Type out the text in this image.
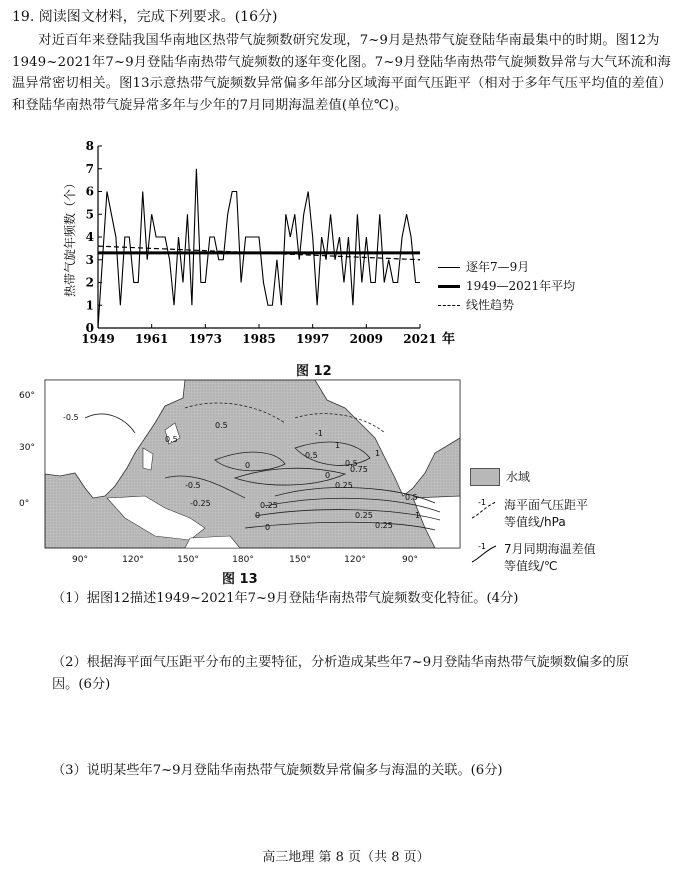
19. 阅读图文材料，完成下列要求。(16分)
对近百年来登陆我国华南地区热带气旋频数研究发现，7~9月是热带气旋登陆华南最集中的时期。图12为1949~2021年7~9月登陆华南热带气旋频数的逐年变化图。7~9月登陆华南热带气旋频数异常与大气环流和海温异常密切相关。图13示意热带气旋频数异常偏多年部分区域海平面气压距平（相对于多年气压平均值的差值）和登陆华南热带气旋异常多年与少年的7月同期海温差值(单位℃)。
0
1
2
3
4
5
6
7
8
1949 1961 1973 1985 1997 2009 2021 年
热带气旋年频数（个）	逐年7—9月
1949—2021年平均
线性趋势
图 12
-0.5
0.5
0
-1
1
0.5	1
0.5
-0.5
0.75
0.25
0.25
0
0
0.25
0.5
-0.25
1
0.25
0
0.5
60°
30°
0°
90°	120°	150°	180°	150°	120°	90°
水域
-1 海平面气压距平
等值线/hPa
-1 7月同期海温差值
等值线/℃
图 13
（1）据图12描述1949~2021年7~9月登陆华南热带气旋频数变化特征。(4分)
（2）根据海平面气压距平分布的主要特征，分析造成某些年7~9月登陆华南热带气旋频数偏多的原因。(6分)
（3）说明某些年7~9月登陆华南热带气旋频数异常偏多与海温的关联。(6分)
高三地理 第 8 页（共 8 页）
